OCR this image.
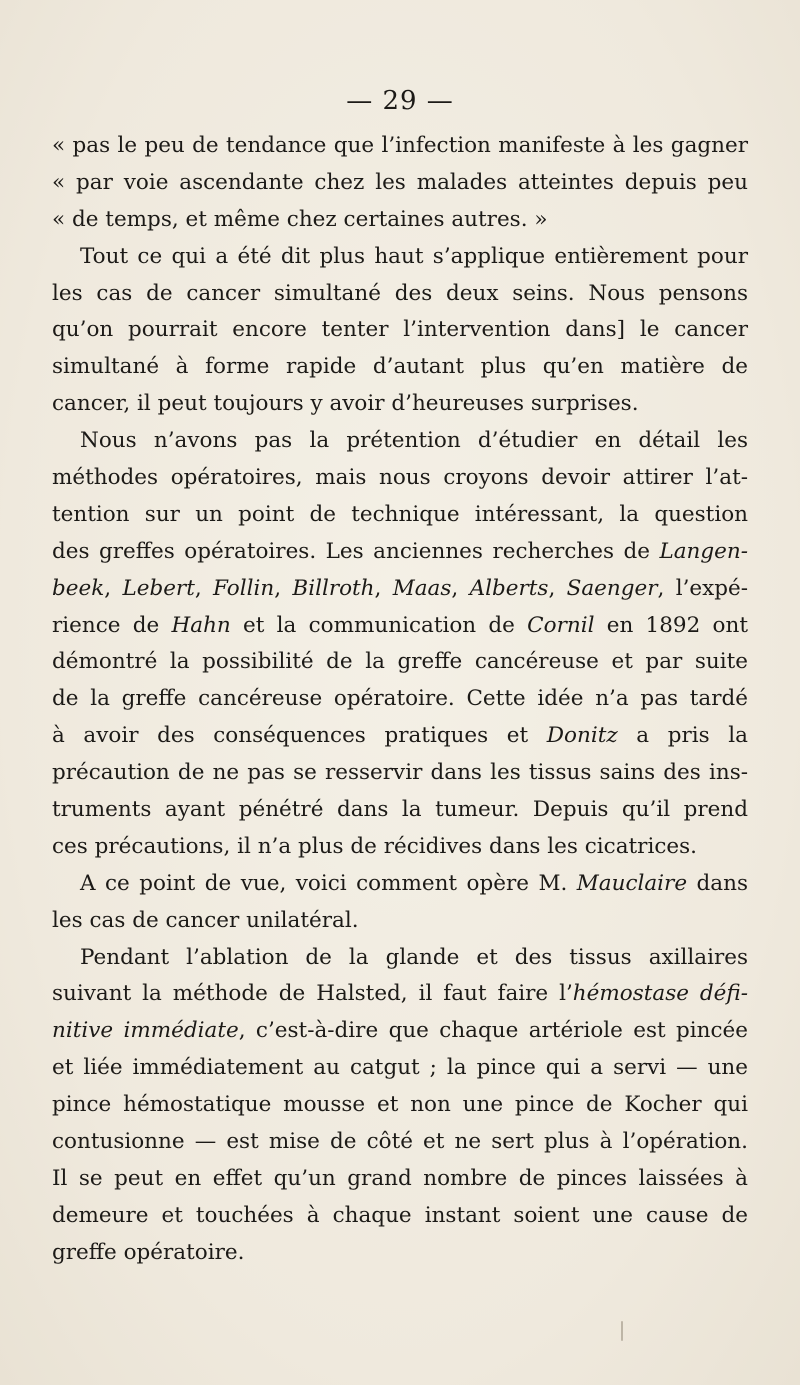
— 29 —
« pas le peu de tendance que l’infection manifeste à les gagner
« par voie ascendante chez les malades atteintes depuis peu
« de temps, et même chez certaines autres. »
Tout ce qui a été dit plus haut s’applique entièrement pour
les cas de cancer simultané des deux seins. Nous pensons
qu’on pourrait encore tenter l’intervention dans] le cancer
simultané à forme rapide d’autant plus qu’en matière de
cancer, il peut toujours y avoir d’heureuses surprises.
Nous n’avons pas la prétention d’étudier en détail les
méthodes opératoires, mais nous croyons devoir attirer l’at-
tention sur un point de technique intéressant, la question
des greffes opératoires. Les anciennes recherches de Langen-
beek, Lebert, Follin, Billroth, Maas, Alberts, Saenger, l’expé-
rience de Hahn et la communication de Cornil en 1892 ont
démontré la possibilité de la greffe cancéreuse et par suite
de la greffe cancéreuse opératoire. Cette idée n’a pas tardé
à avoir des conséquences pratiques et Donitz a pris la
précaution de ne pas se resservir dans les tissus sains des ins-
truments ayant pénétré dans la tumeur. Depuis qu’il prend
ces précautions, il n’a plus de récidives dans les cicatrices.
A ce point de vue, voici comment opère M. Mauclaire dans
les cas de cancer unilatéral.
Pendant l’ablation de la glande et des tissus axillaires
suivant la méthode de Halsted, il faut faire l’hémostase défi-
nitive immédiate, c’est-à-dire que chaque artériole est pincée
et liée immédiatement au catgut ; la pince qui a servi — une
pince hémostatique mousse et non une pince de Kocher qui
contusionne — est mise de côté et ne sert plus à l’opération.
Il se peut en effet qu’un grand nombre de pinces laissées à
demeure et touchées à chaque instant soient une cause de
greffe opératoire.
